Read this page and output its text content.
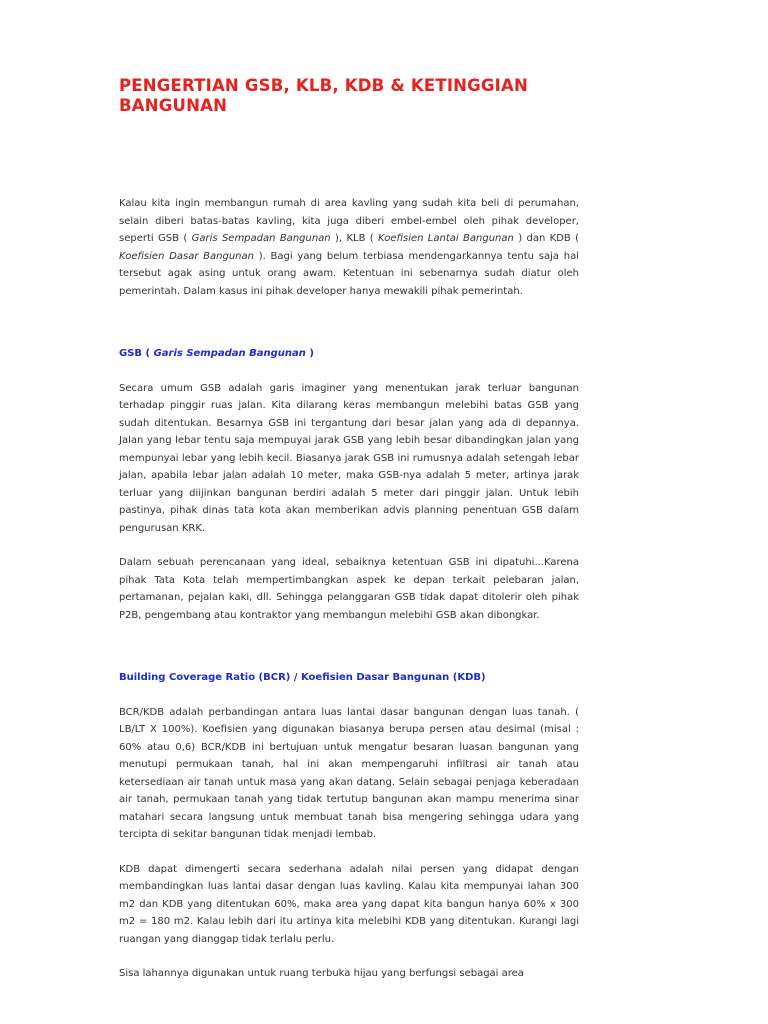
PENGERTIAN GSB, KLB, KDB & KETINGGIAN BANGUNAN

Kalau kita ingin membangun rumah di area kavling yang sudah kita beli di perumahan, selain diberi batas-batas kavling, kita juga diberi embel-embel oleh pihak developer, seperti GSB ( Garis Sempadan Bangunan ), KLB ( Koefisien Lantai Bangunan ) dan KDB ( Koefisien Dasar Bangunan ). Bagi yang belum terbiasa mendengarkannya tentu saja hal tersebut agak asing untuk orang awam. Ketentuan ini sebenarnya sudah diatur oleh pemerintah. Dalam kasus ini pihak developer hanya mewakili pihak pemerintah.

GSB ( Garis Sempadan Bangunan )

Secara umum GSB adalah garis imaginer yang menentukan jarak terluar bangunan terhadap pinggir ruas jalan. Kita dilarang keras membangun melebihi batas GSB yang sudah ditentukan. Besarnya GSB ini tergantung dari besar jalan yang ada di depannya. Jalan yang lebar tentu saja mempuyai jarak GSB yang lebih besar dibandingkan jalan yang mempunyai lebar yang lebih kecil. Biasanya jarak GSB ini rumusnya adalah setengah lebar jalan, apabila lebar jalan adalah 10 meter, maka GSB-nya adalah 5 meter, artinya jarak terluar yang diijinkan bangunan berdiri adalah 5 meter dari pinggir jalan. Untuk lebih pastinya, pihak dinas tata kota akan memberikan advis planning penentuan GSB dalam pengurusan KRK.

Dalam sebuah perencanaan yang ideal, sebaiknya ketentuan GSB ini dipatuhi...Karena pihak Tata Kota telah mempertimbangkan aspek ke depan terkait pelebaran jalan, pertamanan, pejalan kaki, dll. Sehingga pelanggaran GSB tidak dapat ditolerir oleh pihak P2B, pengembang atau kontraktor yang membangun melebihi GSB akan dibongkar.

Building Coverage Ratio (BCR) / Koefisien Dasar Bangunan (KDB)

BCR/KDB adalah perbandingan antara luas lantai dasar bangunan dengan luas tanah. ( LB/LT X 100%). Koefisien yang digunakan biasanya berupa persen atau desimal (misal : 60% atau 0,6) BCR/KDB ini bertujuan untuk mengatur besaran luasan bangunan yang menutupi permukaan tanah, hal ini akan mempengaruhi infiltrasi air tanah atau ketersediaan air tanah untuk masa yang akan datang. Selain sebagai penjaga keberadaan air tanah, permukaan tanah yang tidak tertutup bangunan akan mampu menerima sinar matahari secara langsung untuk membuat tanah bisa mengering sehingga udara yang tercipta di sekitar bangunan tidak menjadi lembab.

KDB dapat dimengerti secara sederhana adalah nilai persen yang didapat dengan membandingkan luas lantai dasar dengan luas kavling. Kalau kita mempunyai lahan 300 m2 dan KDB yang ditentukan 60%, maka area yang dapat kita bangun hanya 60% x 300 m2 = 180 m2. Kalau lebih dari itu artinya kita melebihi KDB yang ditentukan. Kurangi lagi ruangan yang dianggap tidak terlalu perlu.

Sisa lahannya digunakan untuk ruang terbuka hijau yang berfungsi sebagai area
